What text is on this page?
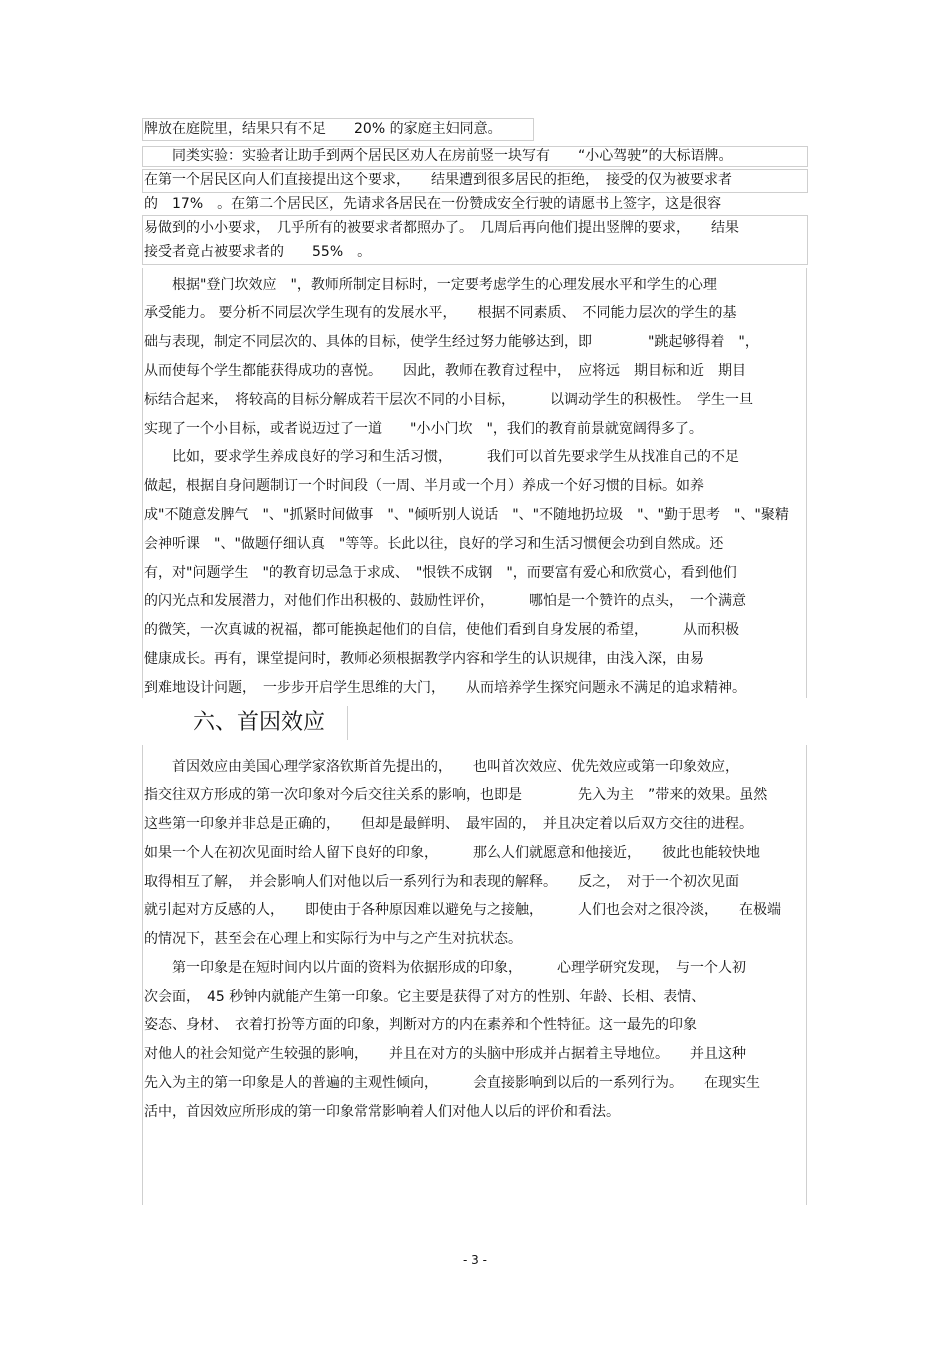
牌放在庭院里，结果只有不足　　20% 的家庭主妇同意。
　　同类实验：实验者让助手到两个居民区劝人在房前竖一块写有　　“小心驾驶”的大标语牌。
在第一个居民区向人们直接提出这个要求，　　结果遭到很多居民的拒绝，　接受的仅为被要求者
的　17%　。在第二个居民区，先请求各居民在一份赞成安全行驶的请愿书上签字，这是很容
易做到的小小要求，　几乎所有的被要求者都照办了。　几周后再向他们提出竖牌的要求，　　结果
接受者竟占被要求者的　　55%　。
　　根据"登门坎效应　"，教师所制定目标时，一定要考虑学生的心理发展水平和学生的心理
承受能力。 要分析不同层次学生现有的发展水平，　　根据不同素质、　不同能力层次的学生的基
础与表现，制定不同层次的、具体的目标，使学生经过努力能够达到，即　　　　"跳起够得着　"，
从而使每个学生都能获得成功的喜悦。　　因此，教师在教育过程中，　应将远　期目标和近　期目
标结合起来，　将较高的目标分解成若干层次不同的小目标，　　　以调动学生的积极性。　学生一旦
实现了一个小目标，或者说迈过了一道　　"小小门坎　"，我们的教育前景就宽阔得多了。
　　比如，要求学生养成良好的学习和生活习惯，　　　我们可以首先要求学生从找准自己的不足
做起，根据自身问题制订一个时间段（一周、半月或一个月）养成一个好习惯的目标。如养
成"不随意发脾气　"、"抓紧时间做事　"、"倾听别人说话　"、"不随地扔垃圾　"、"勤于思考　"、"聚精
会神听课　"、"做题仔细认真　"等等。长此以往，良好的学习和生活习惯便会功到自然成。还
有，对"问题学生　"的教育切忌急于求成、　"恨铁不成钢　"，而要富有爱心和欣赏心，看到他们
的闪光点和发展潜力，对他们作出积极的、鼓励性评价，　　　哪怕是一个赞许的点头，　一个满意
的微笑，一次真诚的祝福，都可能换起他们的自信，使他们看到自身发展的希望，　　　从而积极
健康成长。再有，课堂提问时，教师必须根据教学内容和学生的认识规律，由浅入深，由易
到难地设计问题，　一步步开启学生思维的大门，　　从而培养学生探究问题永不满足的追求精神。
六、首因效应
　　首因效应由美国心理学家洛钦斯首先提出的，　　也叫首次效应、优先效应或第一印象效应，
指交往双方形成的第一次印象对今后交往关系的影响，也即是　　　　先入为主　”带来的效果。虽然
这些第一印象并非总是正确的，　　但却是最鲜明、　最牢固的，　并且决定着以后双方交往的进程。
如果一个人在初次见面时给人留下良好的印象，　　　那么人们就愿意和他接近，　　彼此也能较快地
取得相互了解，　并会影响人们对他以后一系列行为和表现的解释。　　反之，　对于一个初次见面
就引起对方反感的人，　　即使由于各种原因难以避免与之接触，　　　人们也会对之很冷淡，　　在极端
的情况下，甚至会在心理上和实际行为中与之产生对抗状态。
　　第一印象是在短时间内以片面的资料为依据形成的印象，　　　心理学研究发现，　与一个人初
次会面，　45 秒钟内就能产生第一印象。它主要是获得了对方的性别、年龄、长相、表情、
姿态、身材、　衣着打扮等方面的印象，判断对方的内在素养和个性特征。这一最先的印象
对他人的社会知觉产生较强的影响，　　并且在对方的头脑中形成并占据着主导地位。　　并且这种
先入为主的第一印象是人的普遍的主观性倾向，　　　会直接影响到以后的一系列行为。　　在现实生
活中，首因效应所形成的第一印象常常影响着人们对他人以后的评价和看法。
- 3 -
